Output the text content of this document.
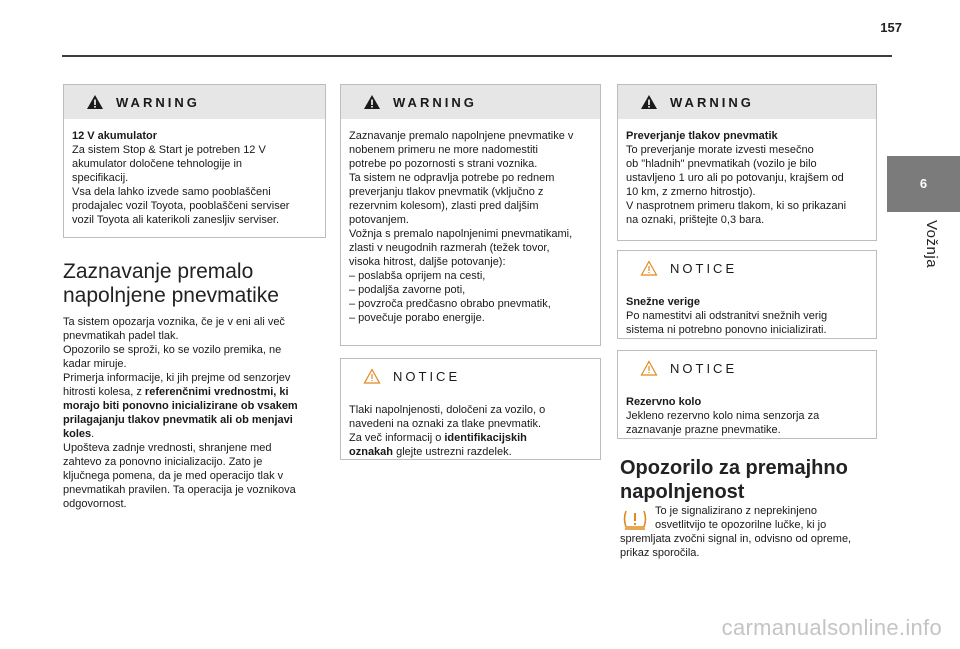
157
6
Vožnja
WARNING
12 V akumulator
Za sistem Stop & Start je potreben 12 V
akumulator določene tehnologije in
specifikacij.
Vsa dela lahko izvede samo pooblaščeni
prodajalec vozil Toyota, pooblaščeni serviser
vozil Toyota ali katerikoli zanesljiv serviser.
Zaznavanje premalo
napolnjene pnevmatike
Ta sistem opozarja voznika, če je v eni ali več
pnevmatikah padel tlak.
Opozorilo se sproži, ko se vozilo premika, ne
kadar miruje.
Primerja informacije, ki jih prejme od senzorjev
hitrosti kolesa, z referenčnimi vrednostmi, ki
morajo biti ponovno inicializirane ob vsakem
prilagajanju tlakov pnevmatik ali ob menjavi
koles.
Upošteva zadnje vrednosti, shranjene med
zahtevo za ponovno inicializacijo. Zato je
ključnega pomena, da je med operacijo tlak v
pnevmatikah pravilen. Ta operacija je voznikova
odgovornost.
WARNING
Zaznavanje premalo napolnjene pnevmatike v
nobenem primeru ne more nadomestiti
potrebe po pozornosti s strani voznika.
Ta sistem ne odpravlja potrebe po rednem
preverjanju tlakov pnevmatik (vključno z
rezervnim kolesom), zlasti pred daljšim
potovanjem.
Vožnja s premalo napolnjenimi pnevmatikami,
zlasti v neugodnih razmerah (težek tovor,
visoka hitrost, daljše potovanje):
– poslabša oprijem na cesti,
– podaljša zavorne poti,
– povzroča predčasno obrabo pnevmatik,
– povečuje porabo energije.
NOTICE
Tlaki napolnjenosti, določeni za vozilo, o
navedeni na oznaki za tlake pnevmatik.
Za več informacij o identifikacijskih
oznakah glejte ustrezni razdelek.
WARNING
Preverjanje tlakov pnevmatik
To preverjanje morate izvesti mesečno
ob "hladnih" pnevmatikah (vozilo je bilo
ustavljeno 1 uro ali po potovanju, krajšem od
10 km, z zmerno hitrostjo).
V nasprotnem primeru tlakom, ki so prikazani
na oznaki, prištejte 0,3 bara.
NOTICE
Snežne verige
Po namestitvi ali odstranitvi snežnih verig
sistema ni potrebno ponovno inicializirati.
NOTICE
Rezervno kolo
Jekleno rezervno kolo nima senzorja za
zaznavanje prazne pnevmatike.
Opozorilo za premajhno
napolnjenost
To je signalizirano z neprekinjeno
osvetlitvijo te opozorilne lučke, ki jo
spremljata zvočni signal in, odvisno od opreme,
prikaz sporočila.
carmanualsonline.info
